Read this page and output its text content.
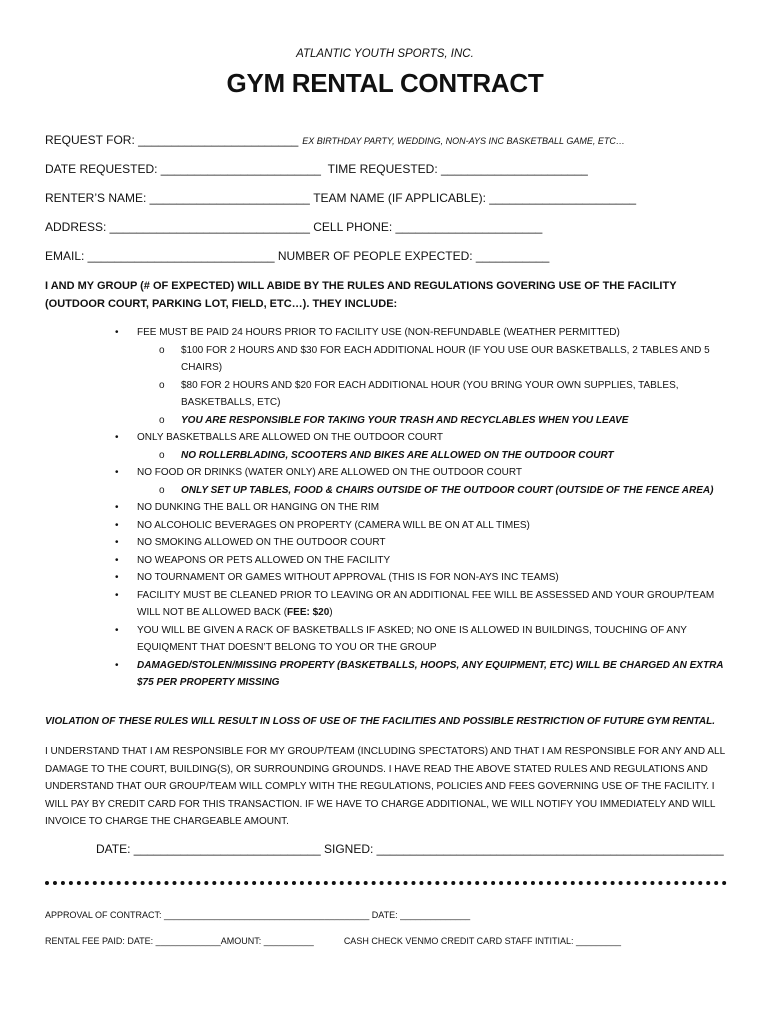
ATLANTIC YOUTH SPORTS, INC.
GYM RENTAL CONTRACT
REQUEST FOR: ________________________ EX BIRTHDAY PARTY, WEDDING, NON-AYS INC BASKETBALL GAME, ETC…
DATE REQUESTED: ________________________ TIME REQUESTED: ______________________
RENTER’S NAME: ________________________ TEAM NAME (IF APPLICABLE): ______________________
ADDRESS: ______________________________ CELL PHONE: ______________________
EMAIL: ____________________________ NUMBER OF PEOPLE EXPECTED: ___________
I AND MY GROUP (# OF EXPECTED) WILL ABIDE BY THE RULES AND REGULATIONS GOVERING USE OF THE FACILITY (OUTDOOR COURT, PARKING LOT, FIELD, ETC…). THEY INCLUDE:
• FEE MUST BE PAID 24 HOURS PRIOR TO FACILITY USE (NON-REFUNDABLE (WEATHER PERMITTED)
o $100 FOR 2 HOURS AND $30 FOR EACH ADDITIONAL HOUR (IF YOU USE OUR BASKETBALLS, 2 TABLES AND 5 CHAIRS)
o $80 FOR 2 HOURS AND $20 FOR EACH ADDITIONAL HOUR (YOU BRING YOUR OWN SUPPLIES, TABLES, BASKETBALLS, ETC)
o YOU ARE RESPONSIBLE FOR TAKING YOUR TRASH AND RECYCLABLES WHEN YOU LEAVE
• ONLY BASKETBALLS ARE ALLOWED ON THE OUTDOOR COURT
o NO ROLLERBLADING, SCOOTERS AND BIKES ARE ALLOWED ON THE OUTDOOR COURT
• NO FOOD OR DRINKS (WATER ONLY) ARE ALLOWED ON THE OUTDOOR COURT
o ONLY SET UP TABLES, FOOD & CHAIRS OUTSIDE OF THE OUTDOOR COURT (OUTSIDE OF THE FENCE AREA)
• NO DUNKING THE BALL OR HANGING ON THE RIM
• NO ALCOHOLIC BEVERAGES ON PROPERTY (CAMERA WILL BE ON AT ALL TIMES)
• NO SMOKING ALLOWED ON THE OUTDOOR COURT
• NO WEAPONS OR PETS ALLOWED ON THE FACILITY
• NO TOURNAMENT OR GAMES WITHOUT APPROVAL (THIS IS FOR NON-AYS INC TEAMS)
• FACILITY MUST BE CLEANED PRIOR TO LEAVING OR AN ADDITIONAL FEE WILL BE ASSESSED AND YOUR GROUP/TEAM WILL NOT BE ALLOWED BACK (FEE: $20)
• YOU WILL BE GIVEN A RACK OF BASKETBALLS IF ASKED; NO ONE IS ALLOWED IN BUILDINGS, TOUCHING OF ANY EQUIQMENT THAT DOESN’T BELONG TO YOU OR THE GROUP
• DAMAGED/STOLEN/MISSING PROPERTY (BASKETBALLS, HOOPS, ANY EQUIPMENT, ETC) WILL BE CHARGED AN EXTRA $75 PER PROPERTY MISSING
VIOLATION OF THESE RULES WILL RESULT IN LOSS OF USE OF THE FACILITIES AND POSSIBLE RESTRICTION OF FUTURE GYM RENTAL.
I UNDERSTAND THAT I AM RESPONSIBLE FOR MY GROUP/TEAM (INCLUDING SPECTATORS) AND THAT I AM RESPONSIBLE FOR ANY AND ALL DAMAGE TO THE COURT, BUILDING(S), OR SURROUNDING GROUNDS. I HAVE READ THE ABOVE STATED RULES AND REGULATIONS AND UNDERSTAND THAT OUR GROUP/TEAM WILL COMPLY WITH THE REGULATIONS, POLICIES AND FEES GOVERNING USE OF THE FACILITY. I WILL PAY BY CREDIT CARD FOR THIS TRANSACTION. IF WE HAVE TO CHARGE ADDITIONAL, WE WILL NOTIFY YOU IMMEDIATELY AND WILL INVOICE TO CHARGE THE CHARGEABLE AMOUNT.
DATE: ____________________________ SIGNED: ____________________________________________________
APPROVAL OF CONTRACT: _________________________________________ DATE: ______________
RENTAL FEE PAID: DATE: _____________AMOUNT: __________	CASH CHECK VENMO CREDIT CARD STAFF INTITIAL: _________
